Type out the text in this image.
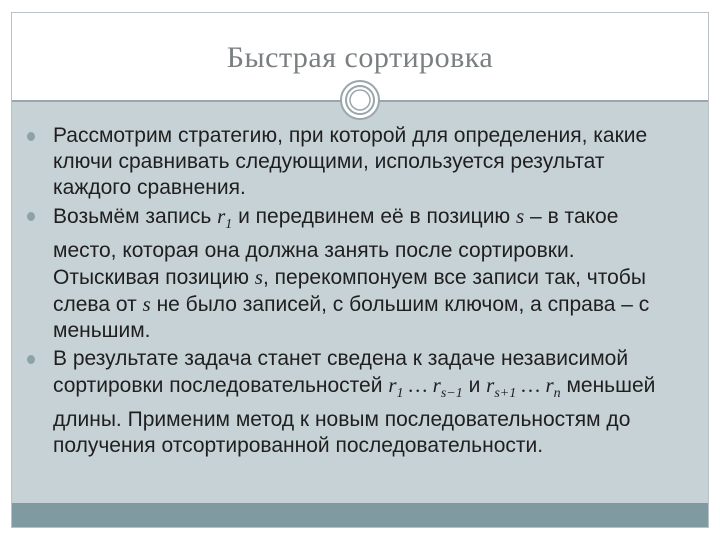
Быстрая сортировка
Рассмотрим стратегию, при которой для определения, какие ключи сравнивать следующими, используется результат каждого сравнения.
Возьмём запись $r_1$ и передвинем её в позицию s – в такое место, которая она должна занять после сортировки. Отыскивая позицию s, перекомпонуем все записи так, чтобы слева от s не было записей, с большим ключом, а справа – с меньшим.
В результате задача станет сведена к задаче независимой сортировки последовательностей $r_1$ … $r_{s-1}$ и $r_{s+1}$ … $r_n$ меньшей длины. Применим метод к новым последовательностям до получения отсортированной последовательности.
